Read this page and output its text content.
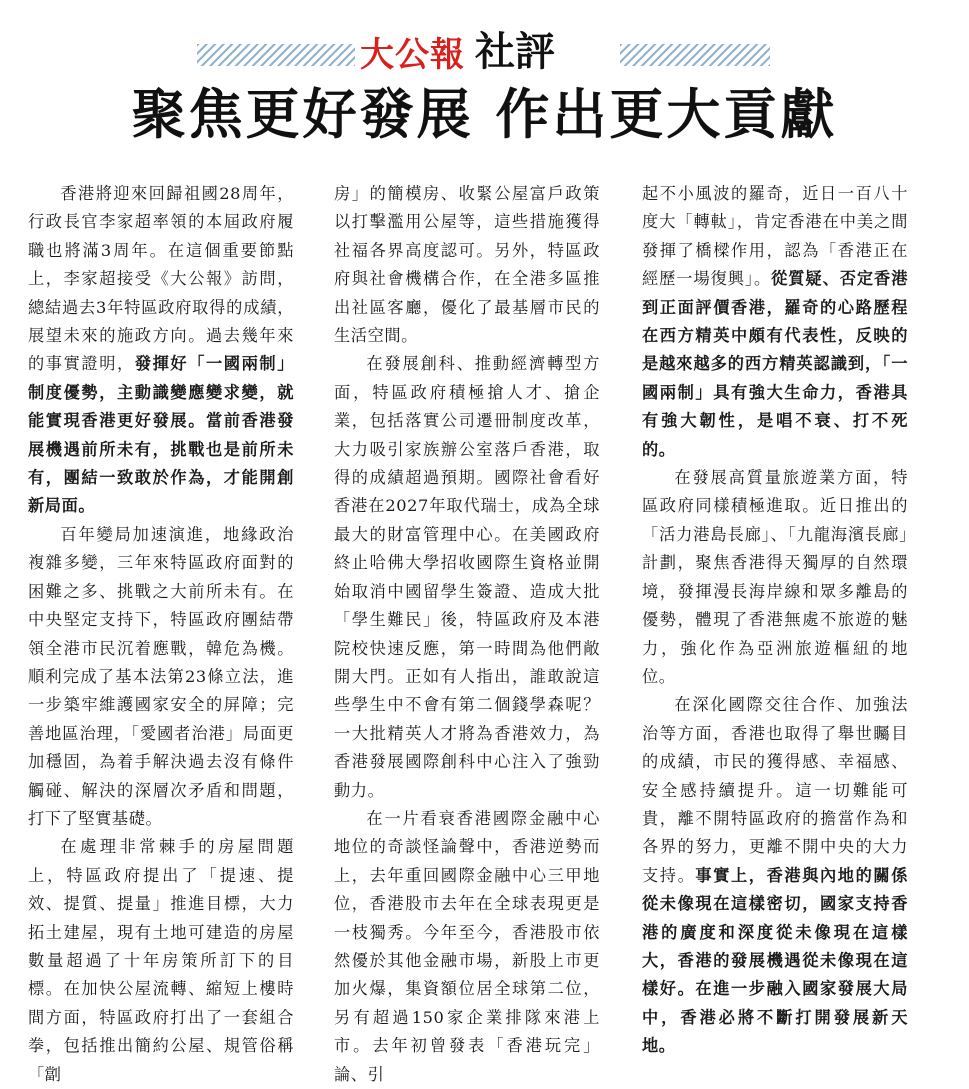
大公報 社評
聚焦更好發展 作出更大貢獻

香港將迎來回歸祖國28周年，行政長官李家超率領的本屆政府履職也將滿3周年。在這個重要節點上，李家超接受《大公報》訪問，總結過去3年特區政府取得的成績，展望未來的施政方向。過去幾年來的事實證明，發揮好「一國兩制」制度優勢，主動識變應變求變，就能實現香港更好發展。當前香港發展機遇前所未有，挑戰也是前所未有，團結一致敢於作為，才能開創新局面。

百年變局加速演進，地緣政治複雜多變，三年來特區政府面對的困難之多、挑戰之大前所未有。在中央堅定支持下，特區政府團結帶領全港市民沉着應戰，韓危為機。順利完成了基本法第23條立法，進一步築牢維護國家安全的屏障；完善地區治理，「愛國者治港」局面更加穩固，為着手解決過去沒有條件觸碰、解決的深層次矛盾和問題，打下了堅實基礎。

在處理非常棘手的房屋問題上，特區政府提出了「提速、提效、提質、提量」推進目標，大力拓土建屋，現有土地可建造的房屋數量超過了十年房策所訂下的目標。在加快公屋流轉、縮短上樓時間方面，特區政府打出了一套組合拳，包括推出簡約公屋、規管俗稱「劏

房」的簡模房、收緊公屋富戶政策以打擊濫用公屋等，這些措施獲得社福各界高度認可。另外，特區政府與社會機構合作，在全港多區推出社區客廳，優化了最基層市民的生活空間。

在發展創科、推動經濟轉型方面，特區政府積極搶人才、搶企業，包括落實公司遷冊制度改革，大力吸引家族辦公室落戶香港，取得的成績超過預期。國際社會看好香港在2027年取代瑞士，成為全球最大的財富管理中心。在美國政府終止哈佛大學招收國際生資格並開始取消中國留學生簽證、造成大批「學生難民」後，特區政府及本港院校快速反應，第一時間為他們敞開大門。正如有人指出，誰敢說這些學生中不會有第二個錢學森呢？一大批精英人才將為香港效力，為香港發展國際創科中心注入了強勁動力。

在一片看衰香港國際金融中心地位的奇談怪論聲中，香港逆勢而上，去年重回國際金融中心三甲地位，香港股市去年在全球表現更是一枝獨秀。今年至今，香港股市依然優於其他金融市場，新股上市更加火爆，集資額位居全球第二位，另有超過150家企業排隊來港上市。去年初曾發表「香港玩完」論、引

起不小風波的羅奇，近日一百八十度大「轉軚」，肯定香港在中美之間發揮了橋樑作用，認為「香港正在經歷一場復興」。從質疑、否定香港到正面評價香港，羅奇的心路歷程在西方精英中頗有代表性，反映的是越來越多的西方精英認識到，「一國兩制」具有強大生命力，香港具有強大韌性，是唱不衰、打不死的。

在發展高質量旅遊業方面，特區政府同樣積極進取。近日推出的「活力港島長廊」、「九龍海濱長廊」計劃，聚焦香港得天獨厚的自然環境，發揮漫長海岸線和眾多離島的優勢，體現了香港無處不旅遊的魅力，強化作為亞洲旅遊樞紐的地位。

在深化國際交往合作、加強法治等方面，香港也取得了舉世矚目的成績，市民的獲得感、幸福感、安全感持續提升。這一切難能可貴，離不開特區政府的擔當作為和各界的努力，更離不開中央的大力支持。事實上，香港與內地的關係從未像現在這樣密切，國家支持香港的廣度和深度從未像現在這樣大，香港的發展機遇從未像現在這樣好。在進一步融入國家發展大局中，香港必將不斷打開發展新天地。
